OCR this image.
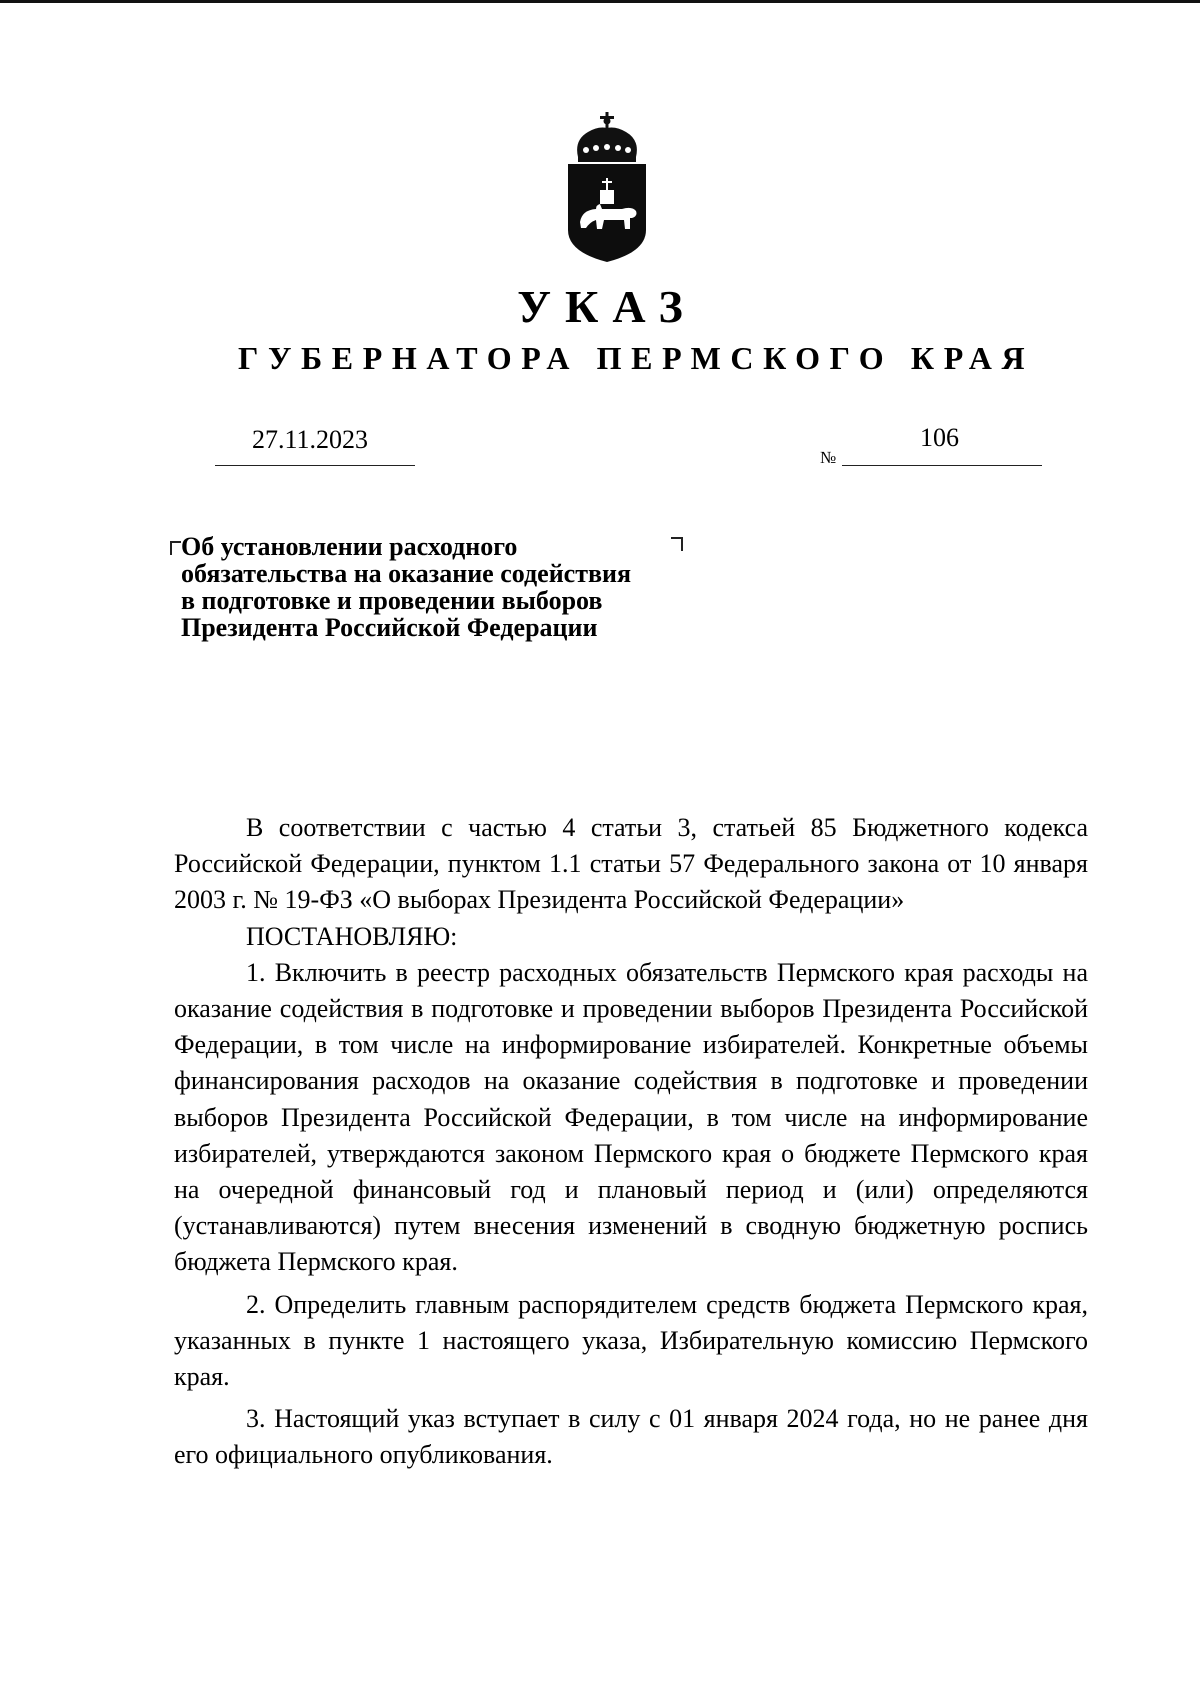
УКАЗ
ГУБЕРНАТОРА ПЕРМСКОГО КРАЯ
27.11.2023
№
106
Об установлении расходного
обязательства на оказание содействия
в подготовке и проведении выборов
Президента Российской Федерации

В соответствии с частью 4 статьи 3, статьей 85 Бюджетного кодекса Российской Федерации, пунктом 1.1 статьи 57 Федерального закона от 10 января 2003 г. № 19-ФЗ «О выборах Президента Российской Федерации»

ПОСТАНОВЛЯЮ:

1. Включить в реестр расходных обязательств Пермского края расходы на оказание содействия в подготовке и проведении выборов Президента Российской Федерации, в том числе на информирование избирателей. Конкретные объемы финансирования расходов на оказание содействия в подготовке и проведении выборов Президента Российской Федерации, в том числе на информирование избирателей, утверждаются законом Пермского края о бюджете Пермского края на очередной финансовый год и плановый период и (или) определяются (устанавливаются) путем внесения изменений в сводную бюджетную роспись бюджета Пермского края.

2. Определить главным распорядителем средств бюджета Пермского края, указанных в пункте 1 настоящего указа, Избирательную комиссию Пермского края.

3. Настоящий указ вступает в силу с 01 января 2024 года, но не ранее дня его официального опубликования.
